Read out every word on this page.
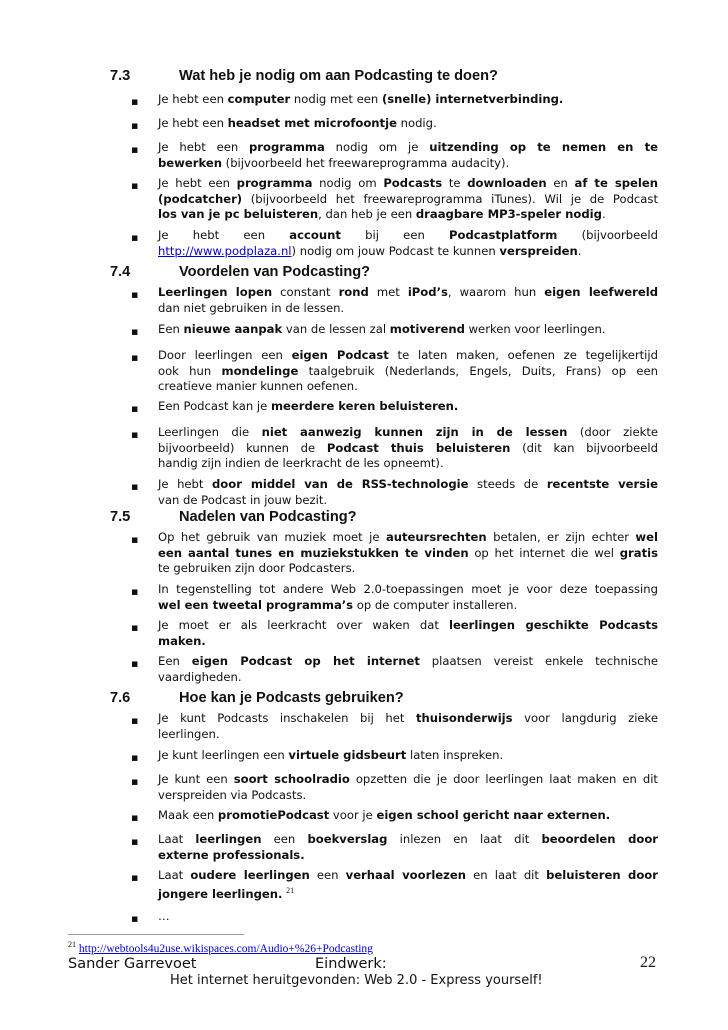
7.3	Wat heb je nodig om aan Podcasting te doen?
▪ Je hebt een computer nodig met een (snelle) internetverbinding.
▪ Je hebt een headset met microfoontje nodig.
▪ Je hebt een programma nodig om je uitzending op te nemen en te
bewerken (bijvoorbeeld het freewareprogramma audacity).
▪ Je hebt een programma nodig om Podcasts te downloaden en af te spelen
(podcatcher) (bijvoorbeeld het freewareprogramma iTunes). Wil je de Podcast
los van je pc beluisteren, dan heb je een draagbare MP3-speler nodig.
▪ Je hebt een account bij een Podcastplatform (bijvoorbeeld
http://www.podplaza.nl) nodig om jouw Podcast te kunnen verspreiden.
7.4	Voordelen van Podcasting?
▪ Leerlingen lopen constant rond met iPod’s, waarom hun eigen leefwereld
dan niet gebruiken in de lessen.
▪ Een nieuwe aanpak van de lessen zal motiverend werken voor leerlingen.
▪ Door leerlingen een eigen Podcast te laten maken, oefenen ze tegelijkertijd
ook hun mondelinge taalgebruik (Nederlands, Engels, Duits, Frans) op een
creatieve manier kunnen oefenen.
▪ Een Podcast kan je meerdere keren beluisteren.
▪ Leerlingen die niet aanwezig kunnen zijn in de lessen (door ziekte
bijvoorbeeld) kunnen de Podcast thuis beluisteren (dit kan bijvoorbeeld
handig zijn indien de leerkracht de les opneemt).
▪ Je hebt door middel van de RSS-technologie steeds de recentste versie
van de Podcast in jouw bezit.
7.5	Nadelen van Podcasting?
▪ Op het gebruik van muziek moet je auteursrechten betalen, er zijn echter wel
een aantal tunes en muziekstukken te vinden op het internet die wel gratis
te gebruiken zijn door Podcasters.
▪ In tegenstelling tot andere Web 2.0-toepassingen moet je voor deze toepassing
wel een tweetal programma’s op de computer installeren.
▪ Je moet er als leerkracht over waken dat leerlingen geschikte Podcasts
maken.
▪ Een eigen Podcast op het internet plaatsen vereist enkele technische
vaardigheden.
7.6	Hoe kan je Podcasts gebruiken?
▪ Je kunt Podcasts inschakelen bij het thuisonderwijs voor langdurig zieke
leerlingen.
▪ Je kunt leerlingen een virtuele gidsbeurt laten inspreken.
▪ Je kunt een soort schoolradio opzetten die je door leerlingen laat maken en dit
verspreiden via Podcasts.
▪ Maak een promotiePodcast voor je eigen school gericht naar externen.
▪ Laat leerlingen een boekverslag inlezen en laat dit beoordelen door
externe professionals.
▪ Laat oudere leerlingen een verhaal voorlezen en laat dit beluisteren door
jongere leerlingen. $^{21}$
▪ …
$^{21}$ http://webtools4u2use.wikispaces.com/Audio+%26+Podcasting
Sander Garrevoet	Eindwerk:	22
Het internet heruitgevonden: Web 2.0 - Express yourself!
